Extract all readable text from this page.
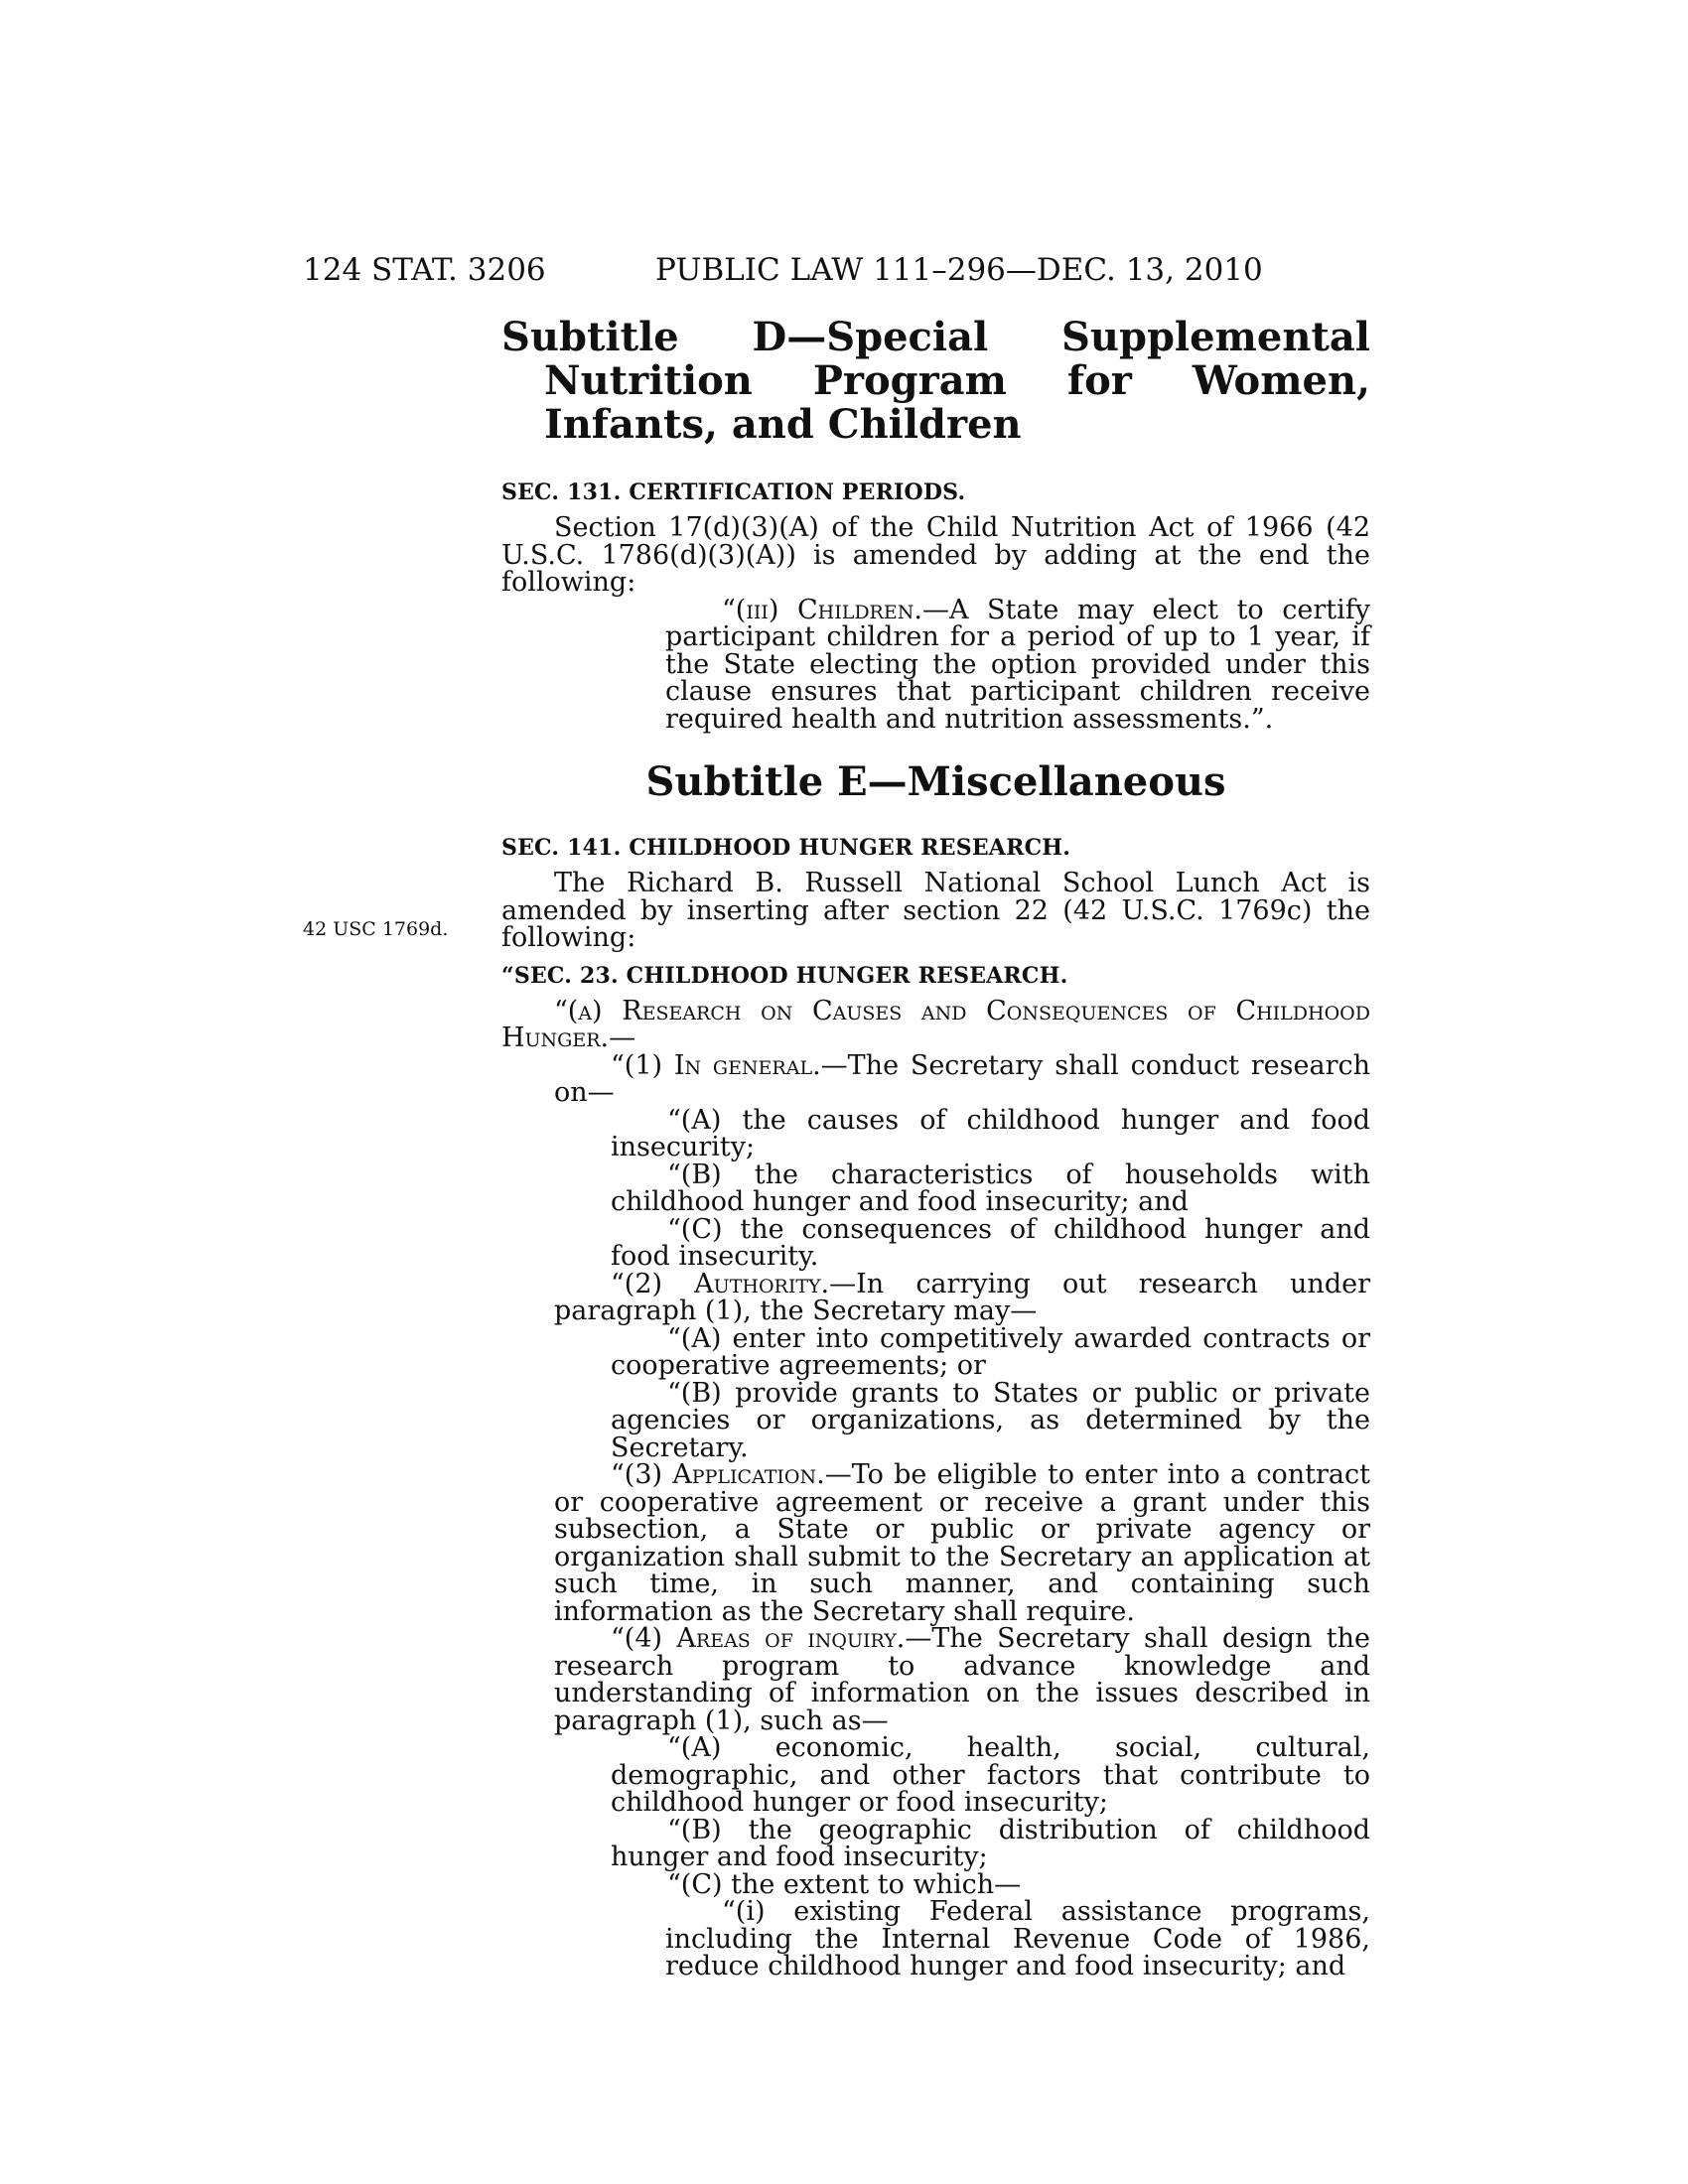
124 STAT. 3206	PUBLIC LAW 111–296—DEC. 13, 2010
42 USC 1769d.
Subtitle D—Special Supplemental Nutrition Program for Women, Infants, and Children

SEC. 131. CERTIFICATION PERIODS.

Section 17(d)(3)(A) of the Child Nutrition Act of 1966 (42 U.S.C. 1786(d)(3)(A)) is amended by adding at the end the following:

“(iii) Children.—A State may elect to certify participant children for a period of up to 1 year, if the State electing the option provided under this clause ensures that participant children receive required health and nutrition assessments.”.

Subtitle E—Miscellaneous

SEC. 141. CHILDHOOD HUNGER RESEARCH.

The Richard B. Russell National School Lunch Act is amended by inserting after section 22 (42 U.S.C. 1769c) the following:

“SEC. 23. CHILDHOOD HUNGER RESEARCH.

“(a) Research on Causes and Consequences of Childhood Hunger.—

“(1) In general.—The Secretary shall conduct research on—

“(A) the causes of childhood hunger and food insecurity;

“(B) the characteristics of households with childhood hunger and food insecurity; and

“(C) the consequences of childhood hunger and food insecurity.

“(2) Authority.—In carrying out research under paragraph (1), the Secretary may—

“(A) enter into competitively awarded contracts or cooperative agreements; or

“(B) provide grants to States or public or private agencies or organizations, as determined by the Secretary.

“(3) Application.—To be eligible to enter into a contract or cooperative agreement or receive a grant under this subsection, a State or public or private agency or organization shall submit to the Secretary an application at such time, in such manner, and containing such information as the Secretary shall require.

“(4) Areas of inquiry.—The Secretary shall design the research program to advance knowledge and understanding of information on the issues described in paragraph (1), such as—

“(A) economic, health, social, cultural, demographic, and other factors that contribute to childhood hunger or food insecurity;

“(B) the geographic distribution of childhood hunger and food insecurity;

“(C) the extent to which—

“(i) existing Federal assistance programs, including the Internal Revenue Code of 1986, reduce childhood hunger and food insecurity; and
